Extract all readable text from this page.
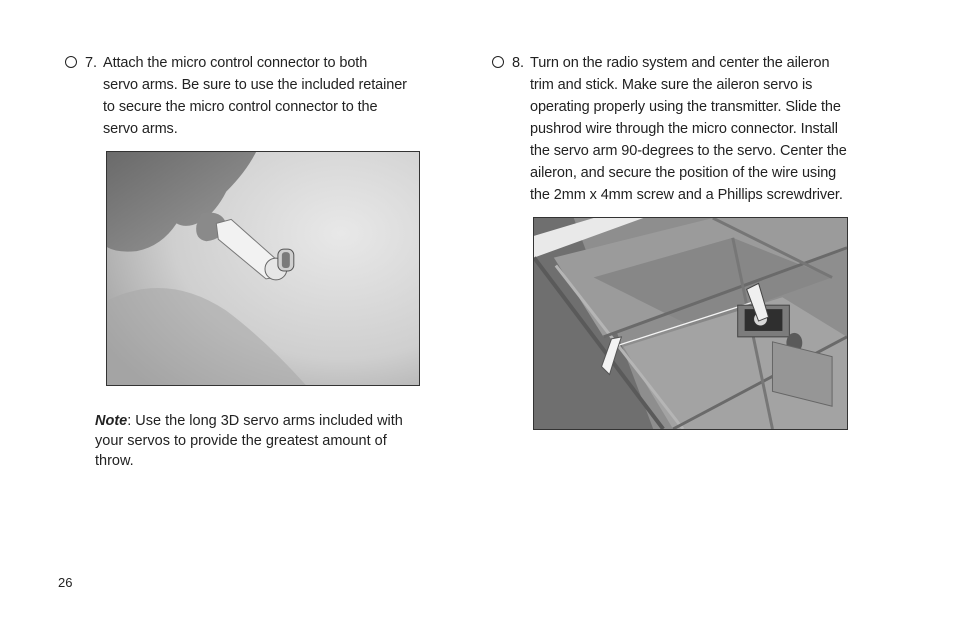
7. Attach the micro control connector to both
servo arms. Be sure to use the included retainer
to secure the micro control connector to the
servo arms.
Note: Use the long 3D servo arms included with your servos to provide the greatest amount of throw.
8. Turn on the radio system and center the aileron
trim and stick. Make sure the aileron servo is
operating properly using the transmitter. Slide the
pushrod wire through the micro connector. Install
the servo arm 90-degrees to the servo. Center the
aileron, and secure the position of the wire using
the 2mm x 4mm screw and a Phillips screwdriver.
26
